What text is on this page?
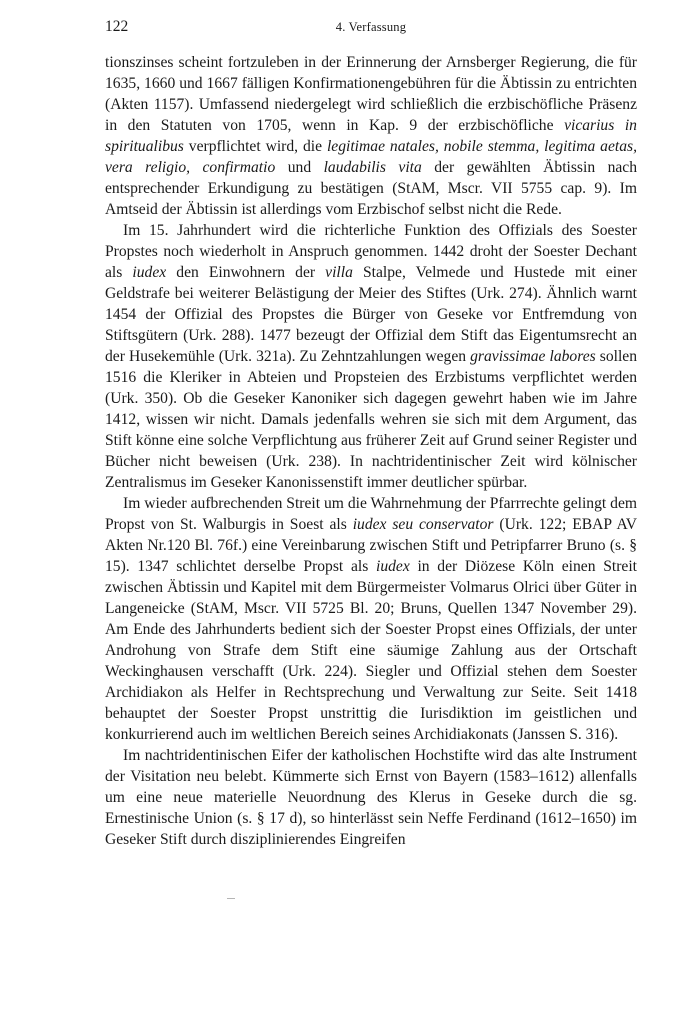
122	4. Verfassung

tionszinses scheint fortzuleben in der Erinnerung der Arnsberger Regierung, die für 1635, 1660 und 1667 fälligen Konfirmationengebühren für die Äbtissin zu entrichten (Akten 1157). Umfassend niedergelegt wird schließlich die erzbischöfliche Präsenz in den Statuten von 1705, wenn in Kap. 9 der erzbischöfliche vicarius in spiritualibus verpflichtet wird, die legitimae natales, nobile stemma, legitima aetas, vera religio, confirmatio und laudabilis vita der gewählten Äbtissin nach entsprechender Erkundigung zu bestätigen (StAM, Mscr. VII 5755 cap. 9). Im Amtseid der Äbtissin ist allerdings vom Erzbischof selbst nicht die Rede.

Im 15. Jahrhundert wird die richterliche Funktion des Offizials des Soester Propstes noch wiederholt in Anspruch genommen. 1442 droht der Soester Dechant als iudex den Einwohnern der villa Stalpe, Velmede und Hustede mit einer Geldstrafe bei weiterer Belästigung der Meier des Stiftes (Urk. 274). Ähnlich warnt 1454 der Offizial des Propstes die Bürger von Geseke vor Entfremdung von Stiftsgütern (Urk. 288). 1477 bezeugt der Offizial dem Stift das Eigentumsrecht an der Husekemühle (Urk. 321a). Zu Zehntzahlungen wegen gravissimae labores sollen 1516 die Kleriker in Abteien und Propsteien des Erzbistums verpflichtet werden (Urk. 350). Ob die Geseker Kanoniker sich dagegen gewehrt haben wie im Jahre 1412, wissen wir nicht. Damals jedenfalls wehren sie sich mit dem Argument, das Stift könne eine solche Verpflichtung aus früherer Zeit auf Grund seiner Register und Bücher nicht beweisen (Urk. 238). In nachtridentinischer Zeit wird kölnischer Zentralismus im Geseker Kanonissenstift immer deutlicher spürbar.

Im wieder aufbrechenden Streit um die Wahrnehmung der Pfarrrechte gelingt dem Propst von St. Walburgis in Soest als iudex seu conservator (Urk. 122; EBAP AV Akten Nr.120 Bl. 76f.) eine Vereinbarung zwischen Stift und Petripfarrer Bruno (s. § 15). 1347 schlichtet derselbe Propst als iudex in der Diözese Köln einen Streit zwischen Äbtissin und Kapitel mit dem Bürgermeister Volmarus Olrici über Güter in Langeneicke (StAM, Mscr. VII 5725 Bl. 20; Bruns, Quellen 1347 November 29). Am Ende des Jahrhunderts bedient sich der Soester Propst eines Offizials, der unter Androhung von Strafe dem Stift eine säumige Zahlung aus der Ortschaft Weckinghausen verschafft (Urk. 224). Siegler und Offizial stehen dem Soester Archidiakon als Helfer in Rechtsprechung und Verwaltung zur Seite. Seit 1418 behauptet der Soester Propst unstrittig die Iurisdiktion im geistlichen und konkurrierend auch im weltlichen Bereich seines Archidiakonats (Janssen S. 316).

Im nachtridentinischen Eifer der katholischen Hochstifte wird das alte Instrument der Visitation neu belebt. Kümmerte sich Ernst von Bayern (1583–1612) allenfalls um eine neue materielle Neuordnung des Klerus in Geseke durch die sg. Ernestinische Union (s. § 17 d), so hinterlässt sein Neffe Ferdinand (1612–1650) im Geseker Stift durch disziplinierendes Eingreifen
